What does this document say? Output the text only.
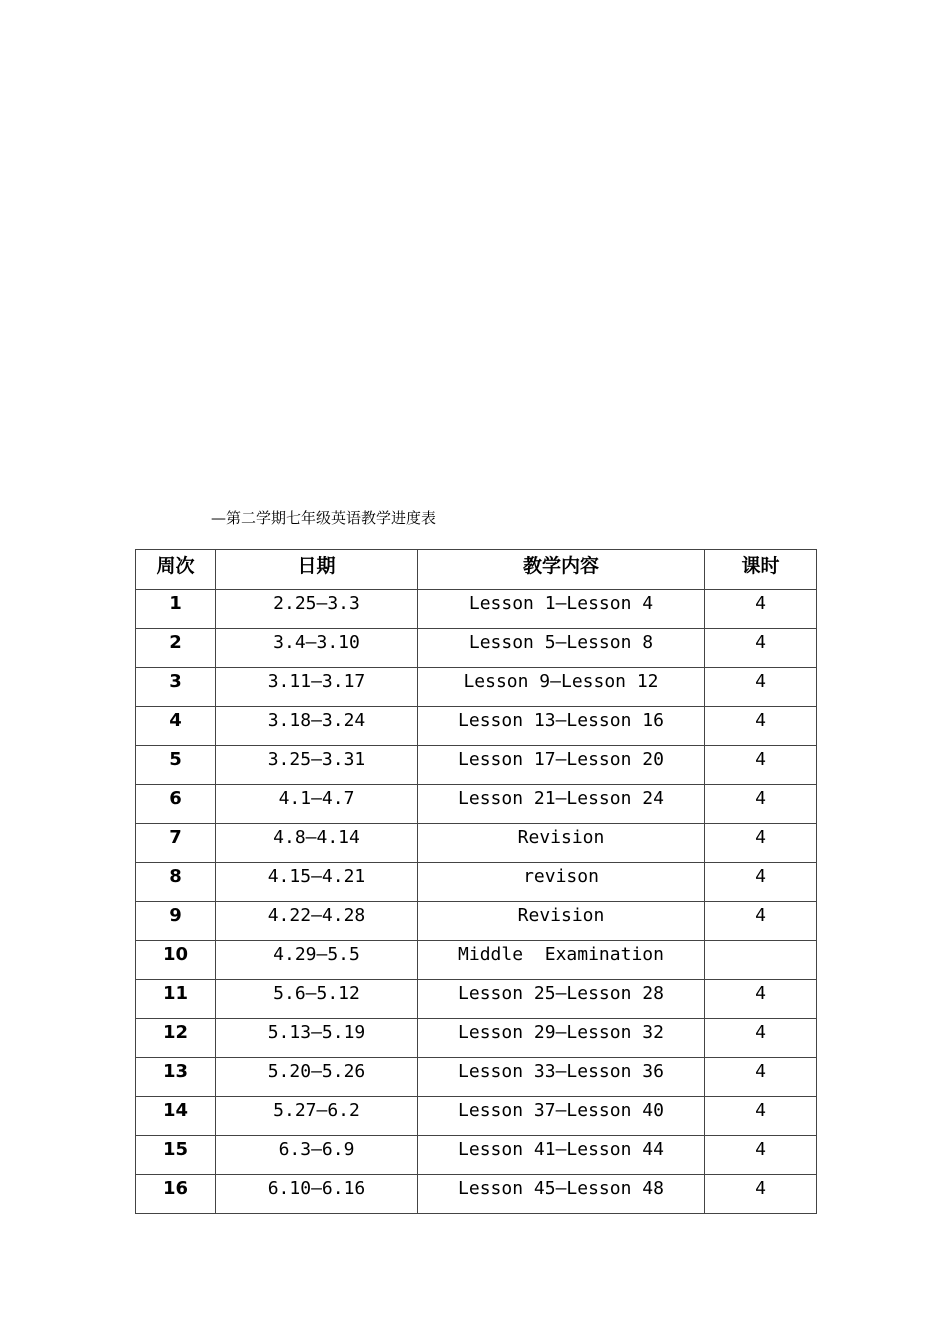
—第二学期七年级英语教学进度表
周次	日期	教学内容	课时
1	2.25—3.3	Lesson 1—Lesson 4	4
2	3.4—3.10	Lesson 5—Lesson 8	4
3	3.11—3.17	Lesson 9—Lesson 12	4
4	3.18—3.24	Lesson 13—Lesson 16	4
5	3.25—3.31	Lesson 17—Lesson 20	4
6	4.1—4.7	Lesson 21—Lesson 24	4
7	4.8—4.14	Revision	4
8	4.15—4.21	revison	4
9	4.22—4.28	Revision	4
10	4.29—5.5	Middle  Examination	
11	5.6—5.12	Lesson 25—Lesson 28	4
12	5.13—5.19	Lesson 29—Lesson 32	4
13	5.20—5.26	Lesson 33—Lesson 36	4
14	5.27—6.2	Lesson 37—Lesson 40	4
15	6.3—6.9	Lesson 41—Lesson 44	4
16	6.10—6.16	Lesson 45—Lesson 48	4
